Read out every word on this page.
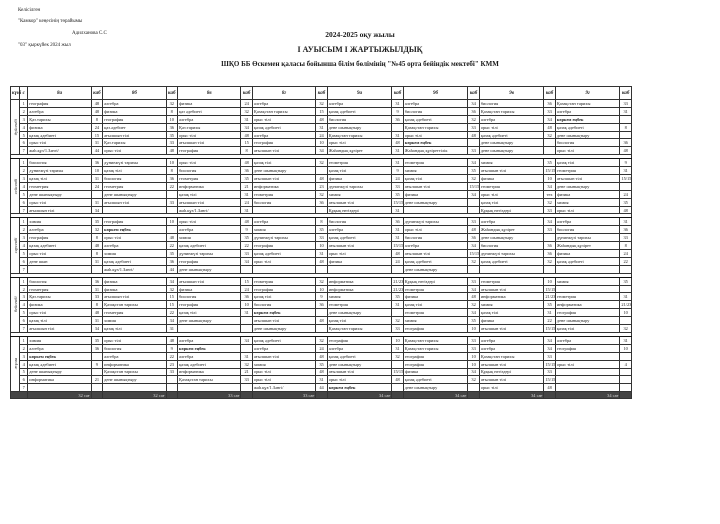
Келісілген
"Камкор" кеңесінің төрайымы
Адилханова С.С
"03" қыркүйек 2024 жыл
2024-2025 оқу жылы
І АУЫСЫМ І ЖАРТЫЖЫЛДЫҚ
ШҚО ББ Өскемен қаласы бойынша білім бөлімінің "№45 орта бейіндік мектебі" КММ
күні	с	8а	каб	8б	каб	8в	каб	8г	каб	9а	каб	9б	каб	9в	каб	9г	каб
дүйсенбі	1	география	48	алгебра	32	физика	24	алгебра	32	алгебра	31	алгебра	34	биология	36	Қазақстан тарихы	33
	2	алгебра	48	физика	8	қаз әдебиеті	32	Қазақстан тарихы	15	қазақ әдебиеті	9	биология	36	Қазақстан тарихы	33	алгебра	31
	3	Қаз.тарихы	8	география	10	алгебра	31	орыс тілі	48	биология	36	қазақ әдебиеті	32	алгебра	34	көркем еңбек	
	4	физика	24	қаз.әдебиет	36	Қаз.тарихы	34	қазақ әдебиеті	31	дене шынықтыру		Қазақстан тарихы	33	орыс тілі	48	қазақ әдебиеті	8
	5	қазақ әдебиеті	15	ағылшын тілі	35	орыс тілі	48	алгебра	24	Қазақстан тарихы	31	орыс тілі	48	қазақ әдебиеті	32	дене шынықтыру	
	6	орыс тілі	31	Қаз.тарихы	33	ағылшын тілі	15	география	10	орыс тілі	48	көркем еңбек		дене шынықтыру		биология	36
	7	жаһ.құз/1.Зәнгі/	44	орыс тілі	48	география	8	ағылшын тілі	34	Жаһандық құзірет	31	Жаһандық құзіреттілік	33	дене шынықтыру		орыс тілі	48

сейсенбі	1	биология	36	дүниежүзі тарихы	10	орыс тілі	48	қазақ тілі	32	геометрия	31	геометрия	34	химия	35	қазақ тілі	9
	2	дүниежүзі тарихы	10	қазақ тілі	8	биология	36	дене шынықтыру		қазақ тілі	9	химия	35	ағылшын тілі	15/15	геометрия	31
	3	қазақ тілі	31	биология	36	геометрия	35	ағылшын тілі	48	физика	24	қазақ тілі	32	физика	10	ағылшын тілі	15/15
	4	геометрия	24	геометрия	22	информатика	21	информатика	23	дүниежүзі тарихы	33	ағылшын тілі	15/15	геометрия	34	дене шынықтыру	
	5	дене шынықтыру		дене шынықтыру		қазақ тілі	31	геометрия	32	химия	35	физика	34	орыс тілі	тех	физика	24
	6	орыс тілі	31	ағылшын тілі	33	ағылшын тілі	24	биология	36	ағылшын тілі	15/15	дене шынықтыру		қазақ тілі	32	химия	35
	7	ағылшын тілі	34			жаһ.құз/1.Зәнгі/	31			Құқық негіздері	31			Құқық негіздері	33	орыс тілі	48

сәрсенбі	1	химия	35	география	10	орыс тілі	48	алгебра	8	биология	36	дүниежүзі тарихы	33	алгебра	34	алгебра	31
	2	алгебра	32	көркем еңбек		алгебра	9	химия	35	алгебра	31	орыс тілі	48	Жаһандық құзірет	33	биология	36
	3	география	8	орыс тілі	48	химия	35	дүниежүзі тарихы	33	қазақ әдебиеті	31	биология	36	дене шынықтыру		дүниежүзі тарихы	33
	4	қазақ әдебиеті	48	алгебра	22	қазақ әдебиеті	22	география	10	ағылшын тілі	15/15	алгебра	34	биология	36	Жаһандық құзірет	8
	5	орыс тілі	8	химия	35	дүниежүзі тарихы	33	қазақ әдебиеті	31	орыс тілі	48	ағылшын тілі	15/15	дүниежүзі тарихы	36	физика	24
	6	дене шын	31	қазақ әдебиеті	36	география	34	орыс тілі	48	физика	24	қазақ әдебиеті	32	қазақ әдебиеті	32	қазақ әдебиеті	22
	7			жаһ.құз/1.Зәнгі/	44	дене шынықтыру						дене шынықтыру					

бейсенбі	1	биология	36	физика	34	ағылшын тілі	15	геометрия	32	информатика	21/23	Құқық негіздері	33	геометрия	10	химия	35
	2	геометрия	31	физика	32	физика	24	география	10	информатика	21/23	геометрия	34	ағылшын тілі	15/15		
	3	Қаз.тарихы	33	ағылшын тілі	15	биология	36	қазақ тілі	9	химия	35	физика	48	информатика	21/23	геометрия	31
	4	физика	8	Қазақстан тарихы	15	география	10	биология	36	геометрия	31	қазақ тілі	32	химия	35	информатика	21/23
	5	орыс тілі	48	геометрия	22	қазақ тілі	31	көркем еңбек		дене шынықтыру		геометрия	34	қазақ тілі	31	география	10
	6	қазақ тілі	31	химия	34	дене шынықтыру		ағылшын тілі	48	қазақ тілі	32	химия	35	физика	22	дене шынықтыру	
	7	ағылшын тілі	34	қазақ тілі	31			дене шынықтыру		Қазақстан тарихы	33	география	10	ағылшын тілі	15/15	қазақ тілі	32

жұма	1	химия	35	орыс тілі	48	алгебра	34	қазақ әдебиеті	32	география	10	Қазақстан тарихы	33	алгебра	34	алгебра	31
	2	алгебра	36	биология	9	көркем еңбек		алгебра	24	алгебра	31	Қазақстан тарихы	33	алгебра	34	география	10
	3	көркем еңбек		алгебра	22	алгебра	31	ағылшын тілі	48	қазақ әдебиеті	32	география	10	Қазақстан тарихы	33		
	4	қазақ әдебиеті	9	информатика	23	қазақ әдебиеті	32	химия	35	дене шынықтыру		география	10	ағылшын тілі	15/15	орыс тілі	4
	5	дене шынықтыру		Қазақстан тарихы	33	информатика	21	орыс тілі	48	ағылшын тілі	15/15	физика	34	Құқық негіздері	33		
	6	информатика	21	дене шынықтыру		Қазақстан тарихы	33	орыс тілі	31	орыс тілі	48	қазақ әдебиеті	32	ағылшын тілі	15/15		
	7							жаһ.құз/1.Зәнгі/	44	көркем еңбек		дене шынықтыру		орыс тілі	48		
		32 сағ		32 сағ		33 сағ		33 сағ		34 сағ		34 сағ		34 сағ		34 сағ	
